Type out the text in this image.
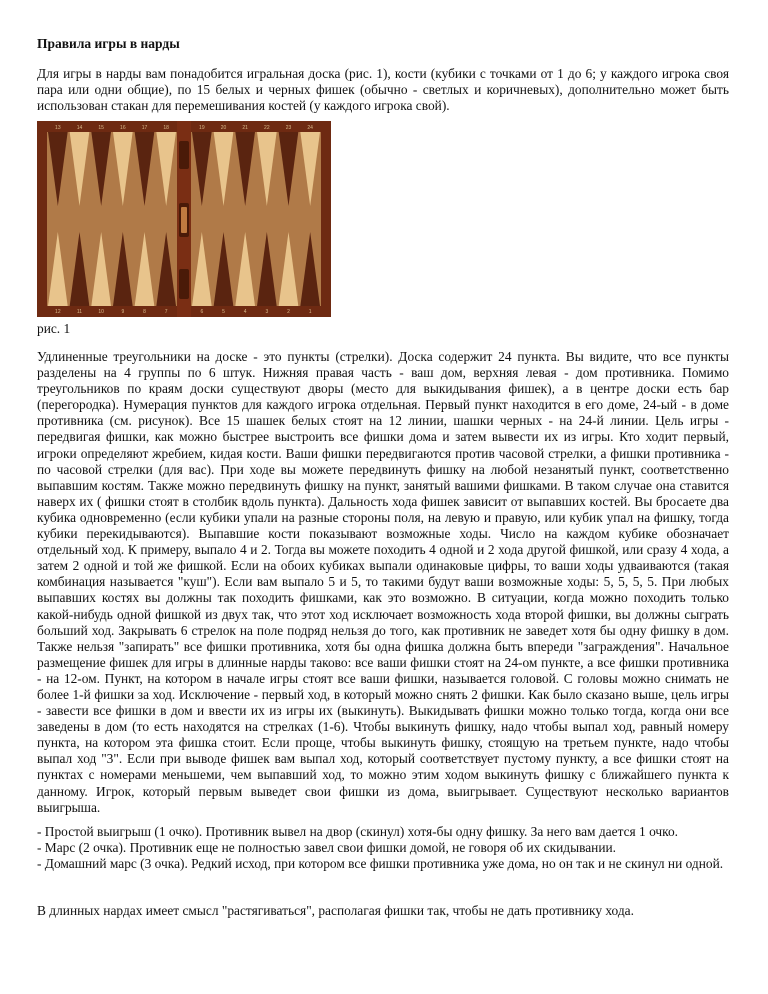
Правила игры в нарды

Для игры в нарды вам понадобится игральная доска (рис. 1), кости (кубики с точками от 1 до 6; у каждого игрока своя пара или одни общие), по 15 белых и черных фишек (обычно - светлых и коричневых), дополнительно может быть использован стакан для перемешивания костей (у каждого игрока свой).

13	14	15	16	17	18	19	20	21	22	23	24
12	11	10	9	8	7	6	5	4	3	2	1
рис. 1

Удлиненные треугольники на доске - это пункты (стрелки). Доска содержит 24 пункта. Вы видите, что все пункты разделены на 4 группы по 6 штук. Нижняя правая часть - ваш дом, верхняя левая - дом противника. Помимо треугольников по краям доски существуют дворы (место для выкидывания фишек), а в центре доски есть бар (перегородка). Нумерация пунктов для каждого игрока отдельная. Первый пункт находится в его доме, 24-ый - в доме противника (см. рисунок). Все 15 шашек белых стоят на 12 линии, шашки черных - на 24-й линии. Цель игры - передвигая фишки, как можно быстрее выстроить все фишки дома и затем вывести их из игры. Кто ходит первый, игроки определяют жребием, кидая кости. Ваши фишки передвигаются против часовой стрелки, а фишки противника - по часовой стрелки (для вас). При ходе вы можете передвинуть фишку на любой незанятый пункт, соответственно выпавшим костям. Также можно передвинуть фишку на пункт, занятый вашими фишками. В таком случае она ставится наверх их ( фишки стоят в столбик вдоль пункта). Дальность хода фишек зависит от выпавших костей. Вы бросаете два кубика одновременно (если кубики упали на разные стороны поля, на левую и правую, или кубик упал на фишку, тогда кубики перекидываются). Выпавшие кости показывают возможные ходы. Число на каждом кубике обозначает отдельный ход. К примеру, выпало 4 и 2. Тогда вы можете походить 4 одной и 2 хода другой фишкой, или сразу 4 хода, а затем 2 одной и той же фишкой. Если на обоих кубиках выпали одинаковые цифры, то ваши ходы удваиваются (такая комбинация называется "куш"). Если вам выпало 5 и 5, то такими будут ваши возможные ходы: 5, 5, 5, 5. При любых выпавших костях вы должны так походить фишками, как это возможно. В ситуации, когда можно походить только какой-нибудь одной фишкой из двух так, что этот ход исключает возможность хода второй фишки, вы должны сыграть больший ход. Закрывать 6 стрелок на поле подряд нельзя до того, как противник не заведет хотя бы одну фишку в дом. Также нельзя "запирать" все фишки противника, хотя бы одна фишка должна быть впереди "заграждения". Начальное размещение фишек для игры в длинные нарды таково: все ваши фишки стоят на 24-ом пункте, а все фишки противника - на 12-ом. Пункт, на котором в начале игры стоят все ваши фишки, называется головой. С головы можно снимать не более 1-й фишки за ход. Исключение - первый ход, в который можно снять 2 фишки. Как было сказано выше, цель игры - завести все фишки в дом и ввести их из игры их (выкинуть). Выкидывать фишки можно только тогда, когда они все заведены в дом (то есть находятся на стрелках (1-6). Чтобы выкинуть фишку, надо чтобы выпал ход, равный номеру пункта, на котором эта фишка стоит. Если проще, чтобы выкинуть фишку, стоящую на третьем пункте, надо чтобы выпал ход "3". Если при выводе фишек вам выпал ход, который соответствует пустому пункту, а все фишки стоят на пунктах с номерами меньшеми, чем выпавший ход, то можно этим ходом выкинуть фишку с ближайшего пункта к данному. Игрок, который первым выведет свои фишки из дома, выигрывает. Существуют несколько вариантов выигрыша.

- Простой выигрыш (1 очко). Противник вывел на двор (скинул) хотя-бы одну фишку. За него вам дается 1 очко.
- Марс (2 очка). Противник еще не полностью завел свои фишки домой, не говоря об их скидывании.
- Домашний марс (3 очка). Редкий исход, при котором все фишки противника уже дома, но он так и не скинул ни одной.

В длинных нардах имеет смысл "растягиваться", располагая фишки так, чтобы не дать противнику хода.
